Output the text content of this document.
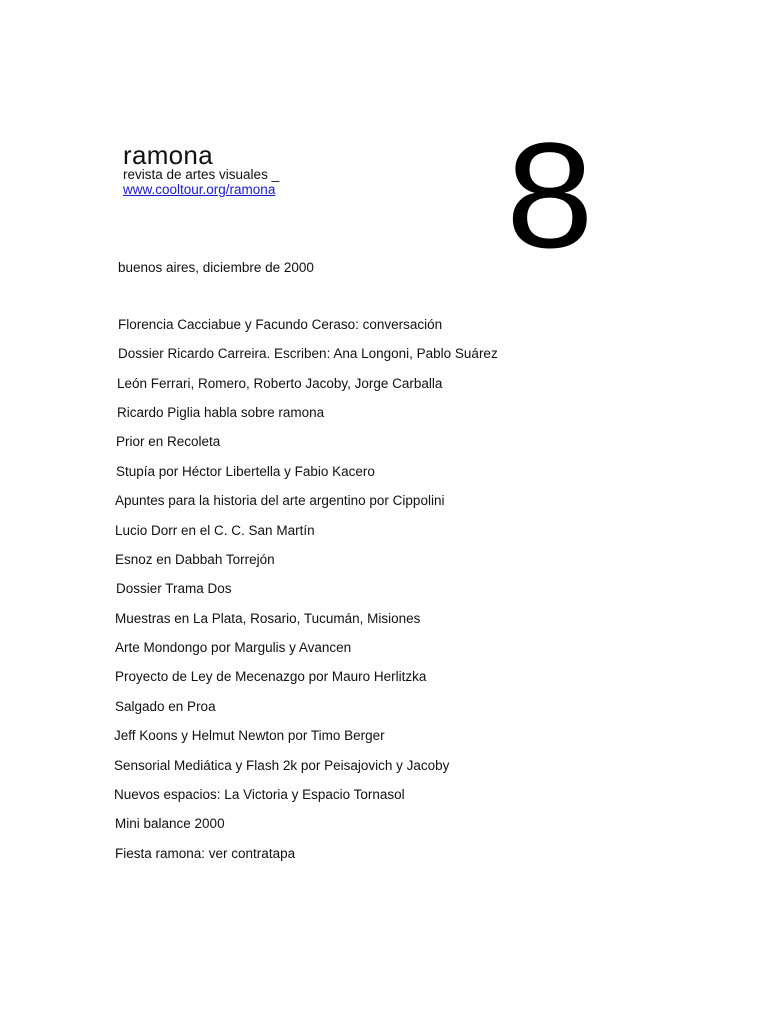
ramona
revista de artes visuales _
www.cooltour.org/ramona 8
buenos aires, diciembre de 2000
Florencia Cacciabue y Facundo Ceraso: conversación
Dossier Ricardo Carreira. Escriben: Ana Longoni, Pablo Suárez
León Ferrari, Romero, Roberto Jacoby, Jorge Carballa
Ricardo Piglia habla sobre ramona
Prior en Recoleta
Stupía por Héctor Libertella y Fabio Kacero
Apuntes para la historia del arte argentino por Cippolini
Lucio Dorr en el C. C. San Martín
Esnoz en Dabbah Torrejón
Dossier Trama Dos
Muestras en La Plata, Rosario, Tucumán, Misiones
Arte Mondongo por Margulis y Avancen
Proyecto de Ley de Mecenazgo por Mauro Herlitzka
Salgado en Proa
Jeff Koons y Helmut Newton por Timo Berger
Sensorial Mediática y Flash 2k por Peisajovich y Jacoby
Nuevos espacios: La Victoria y Espacio Tornasol
Mini balance 2000
Fiesta ramona: ver contratapa
